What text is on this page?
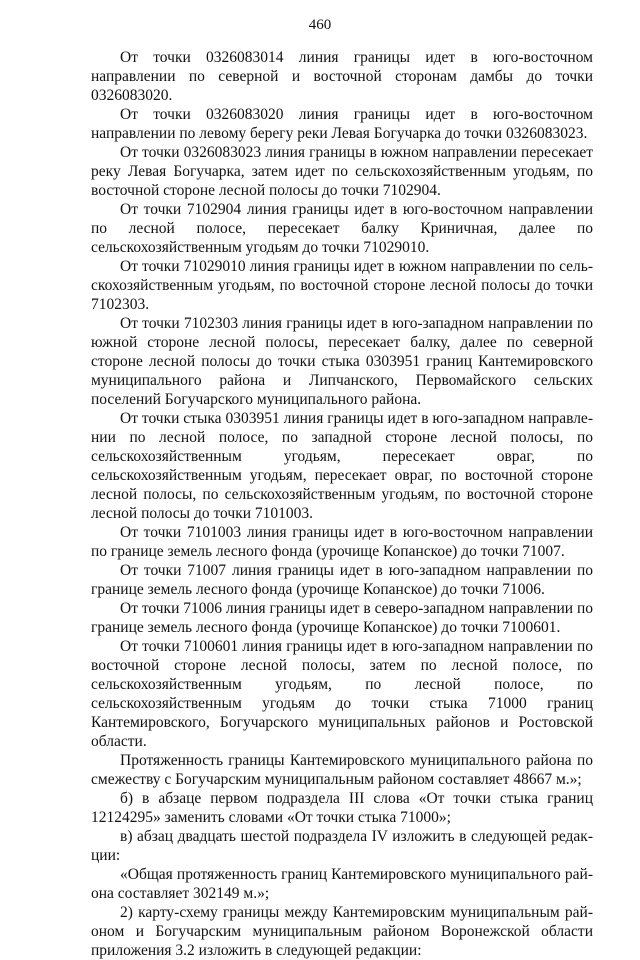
460

От точки 0326083014 линия границы идет в юго-восточном направлении по северной и восточной сторонам дамбы до точки 0326083020.

От точки 0326083020 линия границы идет в юго-восточном направлении по левому берегу реки Левая Богучарка до точки 0326083023.

От точки 0326083023 линия границы в южном направлении пересекает реку Левая Богучарка, затем идет по сельскохозяйственным угодьям, по восточной стороне лесной полосы до точки 7102904.

От точки 7102904 линия границы идет в юго-восточном направлении по лесной полосе, пересекает балку Криничная, далее по сельскохозяйственным угодьям до точки 71029010.

От точки 71029010 линия границы идет в южном направлении по сельскохозяйственным угодьям, по восточной стороне лесной полосы до точки 7102303.

От точки 7102303 линия границы идет в юго-западном направлении по южной стороне лесной полосы, пересекает балку, далее по северной стороне лесной полосы до точки стыка 0303951 границ Кантемировского муниципального района и Липчанского, Первомайского сельских поселений Богучарского муниципального района.

От точки стыка 0303951 линия границы идет в юго-западном направлении по лесной полосе, по западной стороне лесной полосы, по сельскохозяйственным угодьям, пересекает овраг, по сельскохозяйственным угодьям, пересекает овраг, по восточной стороне лесной полосы, по сельскохозяйственным угодьям, по восточной стороне лесной полосы до точки 7101003.

От точки 7101003 линия границы идет в юго-восточном направлении по границе земель лесного фонда (урочище Копанское) до точки 71007.

От точки 71007 линия границы идет в юго-западном направлении по границе земель лесного фонда (урочище Копанское) до точки 71006.

От точки 71006 линия границы идет в северо-западном направлении по границе земель лесного фонда (урочище Копанское) до точки 7100601.

От точки 7100601 линия границы идет в юго-западном направлении по восточной стороне лесной полосы, затем по лесной полосе, по сельскохозяйственным угодьям, по лесной полосе, по сельскохозяйственным угодьям до точки стыка 71000 границ Кантемировского, Богучарского муниципальных районов и Ростовской области.

Протяженность границы Кантемировского муниципального района по смежеству с Богучарским муниципальным районом составляет 48667 м.»;

б) в абзаце первом подраздела III слова «От точки стыка границ 12124295» заменить словами «От точки стыка 71000»;

в) абзац двадцать шестой подраздела IV изложить в следующей редакции:

«Общая протяженность границ Кантемировского муниципального района составляет 302149 м.»;

2) карту-схему границы между Кантемировским муниципальным районом и Богучарским муниципальным районом Воронежской области приложения 3.2 изложить в следующей редакции:
